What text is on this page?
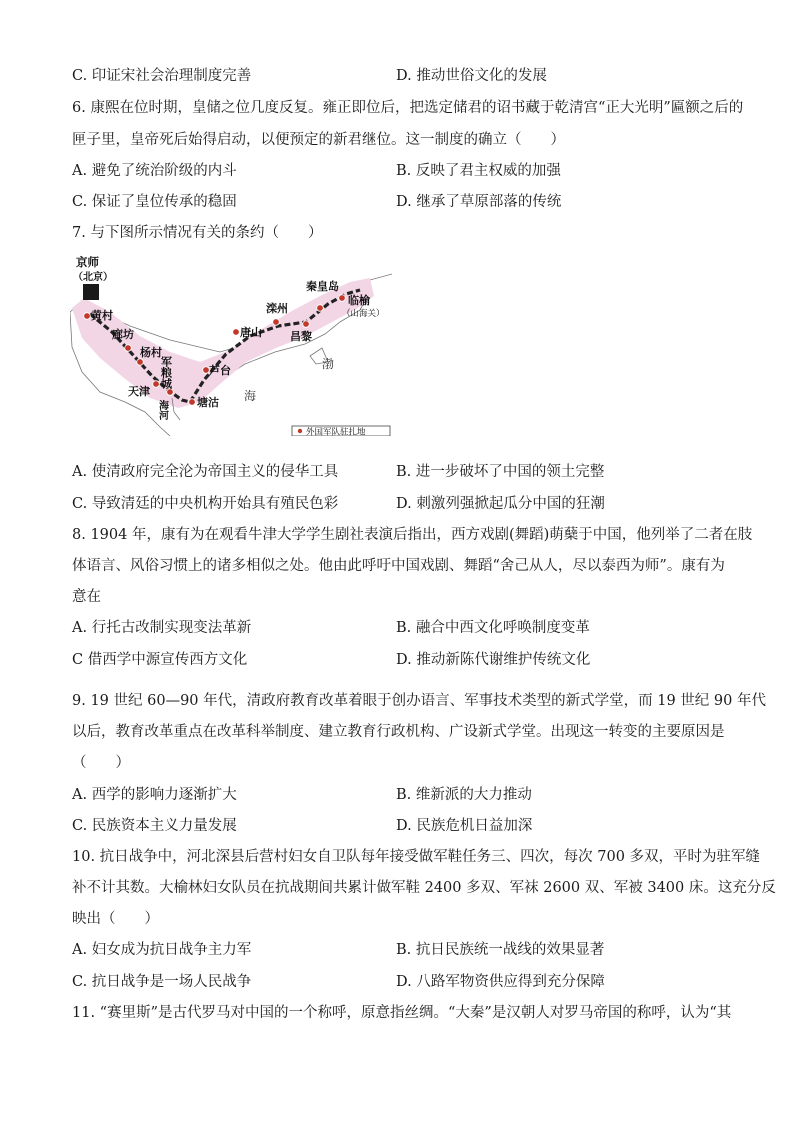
C. 印证宋社会治理制度完善	D. 推动世俗文化的发展
6. 康熙在位时期，皇储之位几度反复。雍正即位后，把选定储君的诏书藏于乾清宫“正大光明”匾额之后的
匣子里，皇帝死后始得启动，以便预定的新君继位。这一制度的确立（　　）
A. 避免了统治阶级的内斗	B. 反映了君主权威的加强
C. 保证了皇位传承的稳固	D. 继承了草原部落的传统
7. 与下图所示情况有关的条约（　　）
京师
（北京）
黄村
廊坊
杨村
天津
塘沽
芦台
唐山
滦州
昌黎
秦皇岛
临榆
（山海关）
军粮城
海河
渤
海
外国军队驻扎地
A. 使清政府完全沦为帝国主义的侵华工具	B. 进一步破坏了中国的领土完整
C. 导致清廷的中央机构开始具有殖民色彩	D. 刺激列强掀起瓜分中国的狂潮
8. 1904 年，康有为在观看牛津大学学生剧社表演后指出，西方戏剧(舞蹈)萌蘖于中国，他列举了二者在肢
体语言、风俗习惯上的诸多相似之处。他由此呼吁中国戏剧、舞蹈“舍己从人，尽以泰西为师”。康有为
意在
A. 行托古改制实现变法革新	B. 融合中西文化呼唤制度变革
C 借西学中源宣传西方文化	D. 推动新陈代谢维护传统文化
9. 19 世纪 60—90 年代，清政府教育改革着眼于创办语言、军事技术类型的新式学堂，而 19 世纪 90 年代
以后，教育改革重点在改革科举制度、建立教育行政机构、广设新式学堂。出现这一转变的主要原因是
（　　）
A. 西学的影响力逐渐扩大	B. 维新派的大力推动
C. 民族资本主义力量发展	D. 民族危机日益加深
10. 抗日战争中，河北深县后营村妇女自卫队每年接受做军鞋任务三、四次，每次 700 多双，平时为驻军缝
补不计其数。大榆林妇女队员在抗战期间共累计做军鞋 2400 多双、军袜 2600 双、军被 3400 床。这充分反
映出（　　）
A. 妇女成为抗日战争主力军	B. 抗日民族统一战线的效果显著
C. 抗日战争是一场人民战争	D. 八路军物资供应得到充分保障
11. “赛里斯”是古代罗马对中国的一个称呼，原意指丝绸。“大秦”是汉朝人对罗马帝国的称呼，认为“其
